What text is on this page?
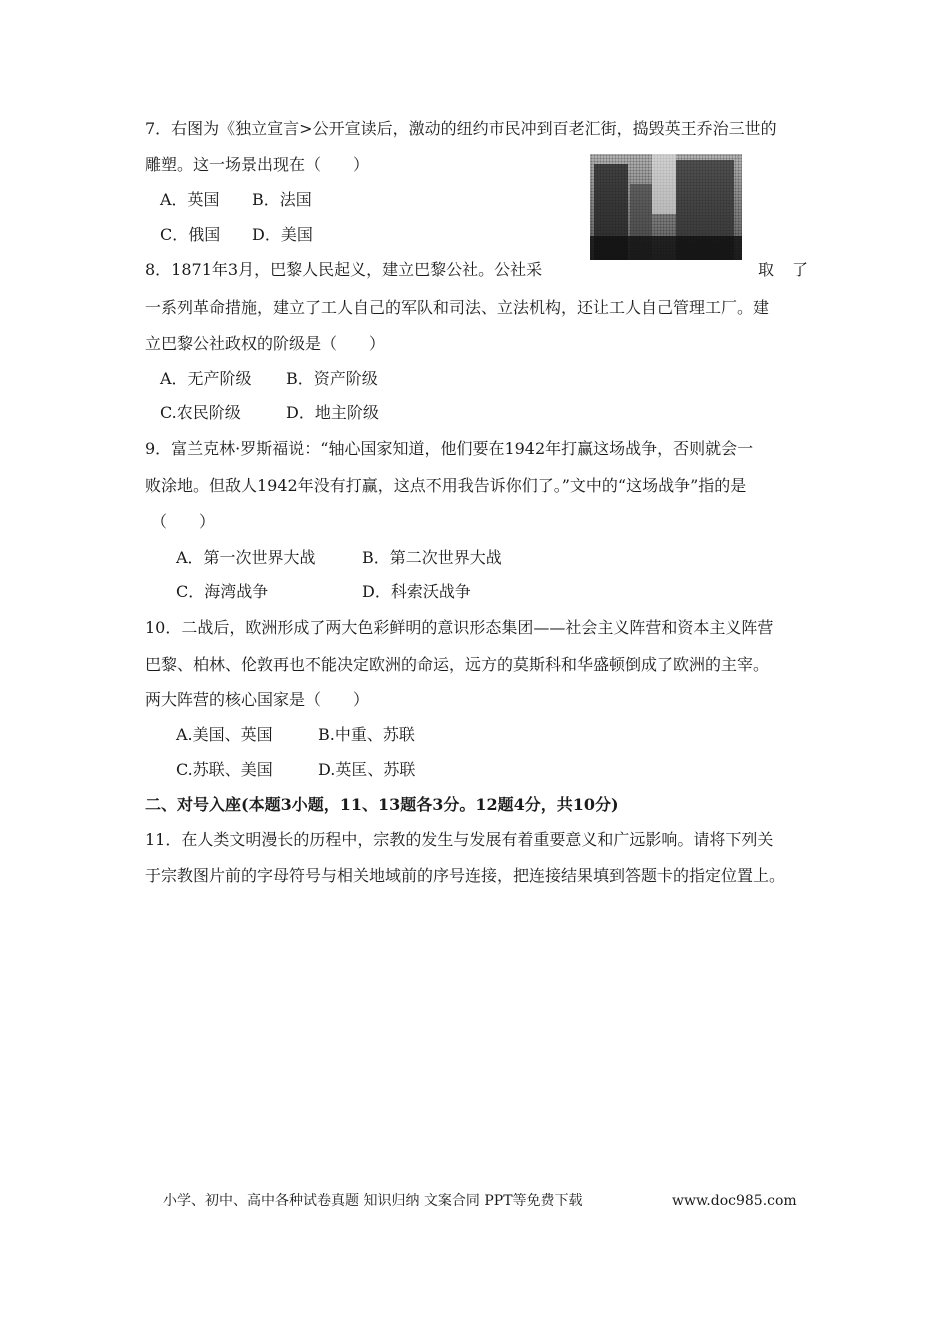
7．右图为《独立宣言>公开宣读后，激动的纽约市民冲到百老汇街，捣毁英王乔治三世的
雕塑。这一场景出现在（　　）
A．英国 B．法国
C．俄国 D．美国
8．1871年3月，巴黎人民起义，建立巴黎公社。公社采	取 了
一系列革命措施，建立了工人自己的军队和司法、立法机构，还让工人自己管理工厂。建
立巴黎公社政权的阶级是（　　）
A．无产阶级 B．资产阶级
C.农民阶级	D．地主阶级
9．富兰克林·罗斯福说：“轴心国家知道，他们要在1942年打赢这场战争，否则就会一
败涂地。但敌人1942年没有打赢，这点不用我告诉你们了。”文中的“这场战争”指的是
（　　）
A．第一次世界大战	B．第二次世界大战
C．海湾战争	D．科索沃战争
10．二战后，欧洲形成了两大色彩鲜明的意识形态集团——社会主义阵营和资本主义阵营
巴黎、柏林、伦敦再也不能决定欧洲的命运，远方的莫斯科和华盛顿倒成了欧洲的主宰。
两大阵营的核心国家是（　　）
A.美国、英国	B.中重、苏联
C.苏联、美国	D.英匡、苏联
二、对号入座(本题3小题，11、13题各3分。12题4分，共10分)
11．在人类文明漫长的历程中，宗教的发生与发展有着重要意义和广远影响。请将下列关
于宗教图片前的字母符号与相关地域前的序号连接，把连接结果填到答题卡的指定位置上。
小学、初中、高中各种试卷真题 知识归纳 文案合同 PPT等免费下载	www.doc985.com
